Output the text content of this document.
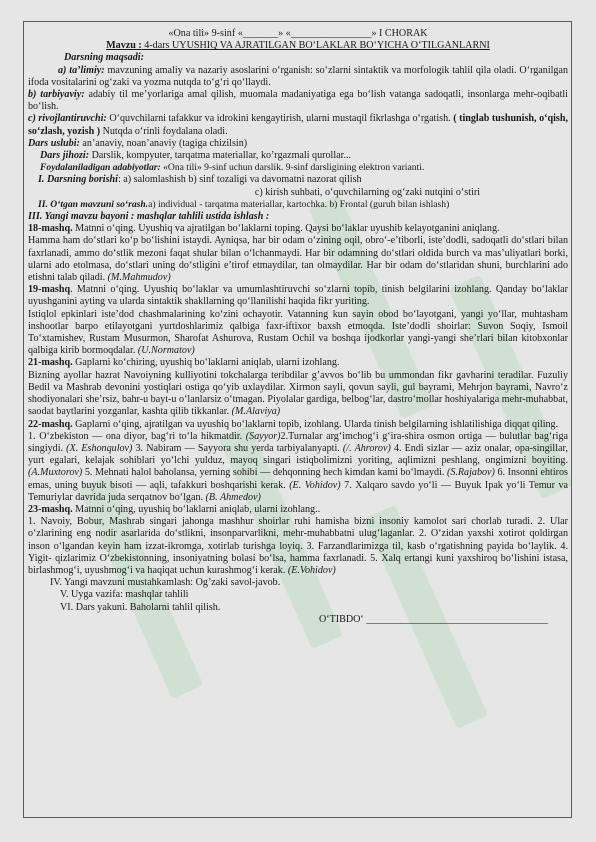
«Ona tili» 9-sinf «_______» «________________» I CHORAK

Mavzu : 4-dars UYUSHIQ VA AJRATILGAN BO‘LAKLAR BO‘YICHA O‘TILGANLARNI

Darsning maqsadi:

a) ta’limiy: mavzuning amaliy va nazariy asoslarini o‘rganish: so‘zlarni sintaktik va morfologik tahlil qila oladi. O‘rganilgan ifoda vositalarini og‘zaki va yozma nutqda to‘g‘ri qo‘llaydi.

b) tarbiyaviy: adabiy til me’yorlariga amal qilish, muomala madaniyatiga ega bo‘lish vatanga sadoqatli, insonlarga mehr-oqibatli bo‘lish.

c) rivojlantiruvchi: O‘quvchilarni tafakkur va idrokini kengaytirish, ularni mustaqil fikrlashga o‘rgatish. ( tinglab tushunish, o‘qish, so‘zlash, yozish ) Nutqda o‘rinli foydalana oladi.

Dars uslubi: an’anaviy, noan’anaviy (tagiga chizilsin)

Dars jihozi: Darslik, kompyuter, tarqatma materiallar, ko’rgazmali qurollar...

Foydalaniladigan adabiyotlar: «Ona tili» 9-sinf uchun darslik. 9-sinf darsligining elektron varianti.

I. Darsning borishi: a) salomlashish b) sinf tozaligi va davomatni nazorat qilish

c) kirish suhbati, o‘quvchilarning og‘zaki nutqini o‘stiri

II. O‘tgan mavzuni so‘rash.a) individual - tarqatma materiallar, kartochka. b) Frontal (guruh bilan ishlash)

III. Yangi mavzu bayoni : mashqlar tahlili ustida ishlash :

18-mashq. Matnni o‘qing. Uyushiq va ajratilgan bo‘laklarni toping. Qaysi bo‘laklar uyushib kelayotganini aniqlang.

Hamma ham do‘stlari ko‘p bo‘lishini istaydi. Ayniqsa, har bir odam o‘zining oqil, obro‘-e’tiborli, iste’dodli, sadoqatli do‘stlari bilan faxrlanadi, ammo do‘stlik mezoni faqat shular bilan o‘lchanmaydi. Har bir odamning do‘stlari oldida burch va mas’uliyatlari borki, ularni ado etolmasa, do‘stlari uning do‘stligini e’tirof etmaydilar, tan olmaydilar. Har bir odam do‘stlaridan shuni, burchlarini ado etishni talab qiladi. (M.Mahmudov)

19-mashq. Matnni o‘qing. Uyushiq bo‘laklar va umumlashtiruvchi so‘zlarni topib, tinish belgilarini izohlang. Qanday bo‘laklar uyushganini ayting va ularda sintaktik shakllarning qo‘llanilishi haqida fikr yuriting.

Istiqlol epkinlari iste’dod chashmalarining ko‘zini ochayotir. Vatanning kun sayin obod bo‘layotgani, yangi yo‘llar, muhtasham inshootlar barpo etilayotgani yurtdoshlarimiz qalbiga faxr-iftixor baxsh etmoqda. Iste’dodli shoirlar: Suvon Soqiy, Ismoil To‘xtamishev, Rustam Musurmon, Sharofat Ashurova, Rustam Ochil va boshqa ijodkorlar yangi-yangi she’rlari bilan kitobxonlar qalbiga kirib bormoqdalar. (U.Normatov)

21-mashq. Gaplarni ko‘chiring, uyushiq bo‘laklarni aniqlab, ularni izohlang.

Bizning ayollar hazrat Navoiyning kulliyotini tokchalarga teribdilar g’avvos bo‘lib bu ummondan fikr gavharini teradilar. Fuzuliy Bedil va Mashrab devonini yostiqlari ostiga qo‘yib uxlaydilar. Xirmon sayli, qovun sayli, gul bayrami, Mehrjon bayrami, Navro‘z shodiyonalari she’rsiz, bahr-u bayt-u o‘lanlarsiz o‘tmagan. Piyolalar gardiga, belbog‘lar, dastro‘mollar hoshiyalariga mehr-muhabbat, saodat baytlarini yozganlar, kashta qilib tikkanlar. (M.Alaviya)

22-mashq. Gaplarni o‘qing, ajratilgan va uyushiq bo‘laklarni topib, izohlang. Ularda tinish belgilarning ishlatilishiga diqqat qiling.

1. O‘zbekiston — ona diyor, bag‘ri to‘la hikmatdir. (Sayyor)2.Turnalar arg‘imchog‘i g‘ira-shira osmon ortiga — bulutlar bag‘riga singiydi. (X. Eshonqulov) 3. Nabiram — Sayyora shu yerda tarbiyalanyapti. (/. Ahrorov) 4. Endi sizlar — aziz onalar, opa-singillar, yurt egalari, kelajak sohiblari yo‘lchi yulduz, mayoq singari istiqbolimizni yoriting, aqlimizni peshlang, ongimizni boyiting. (A.Muxtorov) 5. Mehnati halol baholansa, yerning sohibi — dehqonning hech kimdan kami bo‘lmaydi. (S.Rajabov) 6. Insonni ehtiros emas, uning buyuk bisoti — aqli, tafakkuri boshqarishi kerak. (E. Vohidov) 7. Xalqaro savdo yo‘li — Buyuk Ipak yo‘li Temur va Temuriylar davrida juda serqatnov bo‘lgan. (B. Ahmedov)

23-mashq. Matnni o‘qing, uyushiq bo‘laklarni aniqlab, ularni izohlang..

1. Navoiy, Bobur, Mashrab singari jahonga mashhur shoirlar ruhi hamisha bizni insoniy kamolot sari chorlab turadi. 2. Ular o‘zlarining eng nodir asarlarida do‘stlikni, insonparvarlikni, mehr-muhabbatni ulug‘laganlar. 2. O‘zidan yaxshi xotirot qoldirgan inson o‘lgandan keyin ham izzat-ikromga, xotirlab turishga loyiq. 3. Farzandlarimizga til, kasb o‘rgatishning payida bo‘laylik. 4. Yigit- qizlarimiz O‘zbekistonning, insoniyatning bolasi bo‘lsa, hamma faxrlanadi. 5. Xalq ertangi kuni yaxshiroq bo‘lishini istasa, birlashmog‘i, uyushmog‘i va haqiqat uchun kurashmog‘i kerak. (E.Vohidov)

IV. Yangi mavzuni mustahkamlash: Og’zaki savol-javob.

V. Uyga vazifa: mashqlar tahlili

VI. Dars yakuni. Baholarni tahlil qilish.

O‘TIBDO‘ ____________________________________
